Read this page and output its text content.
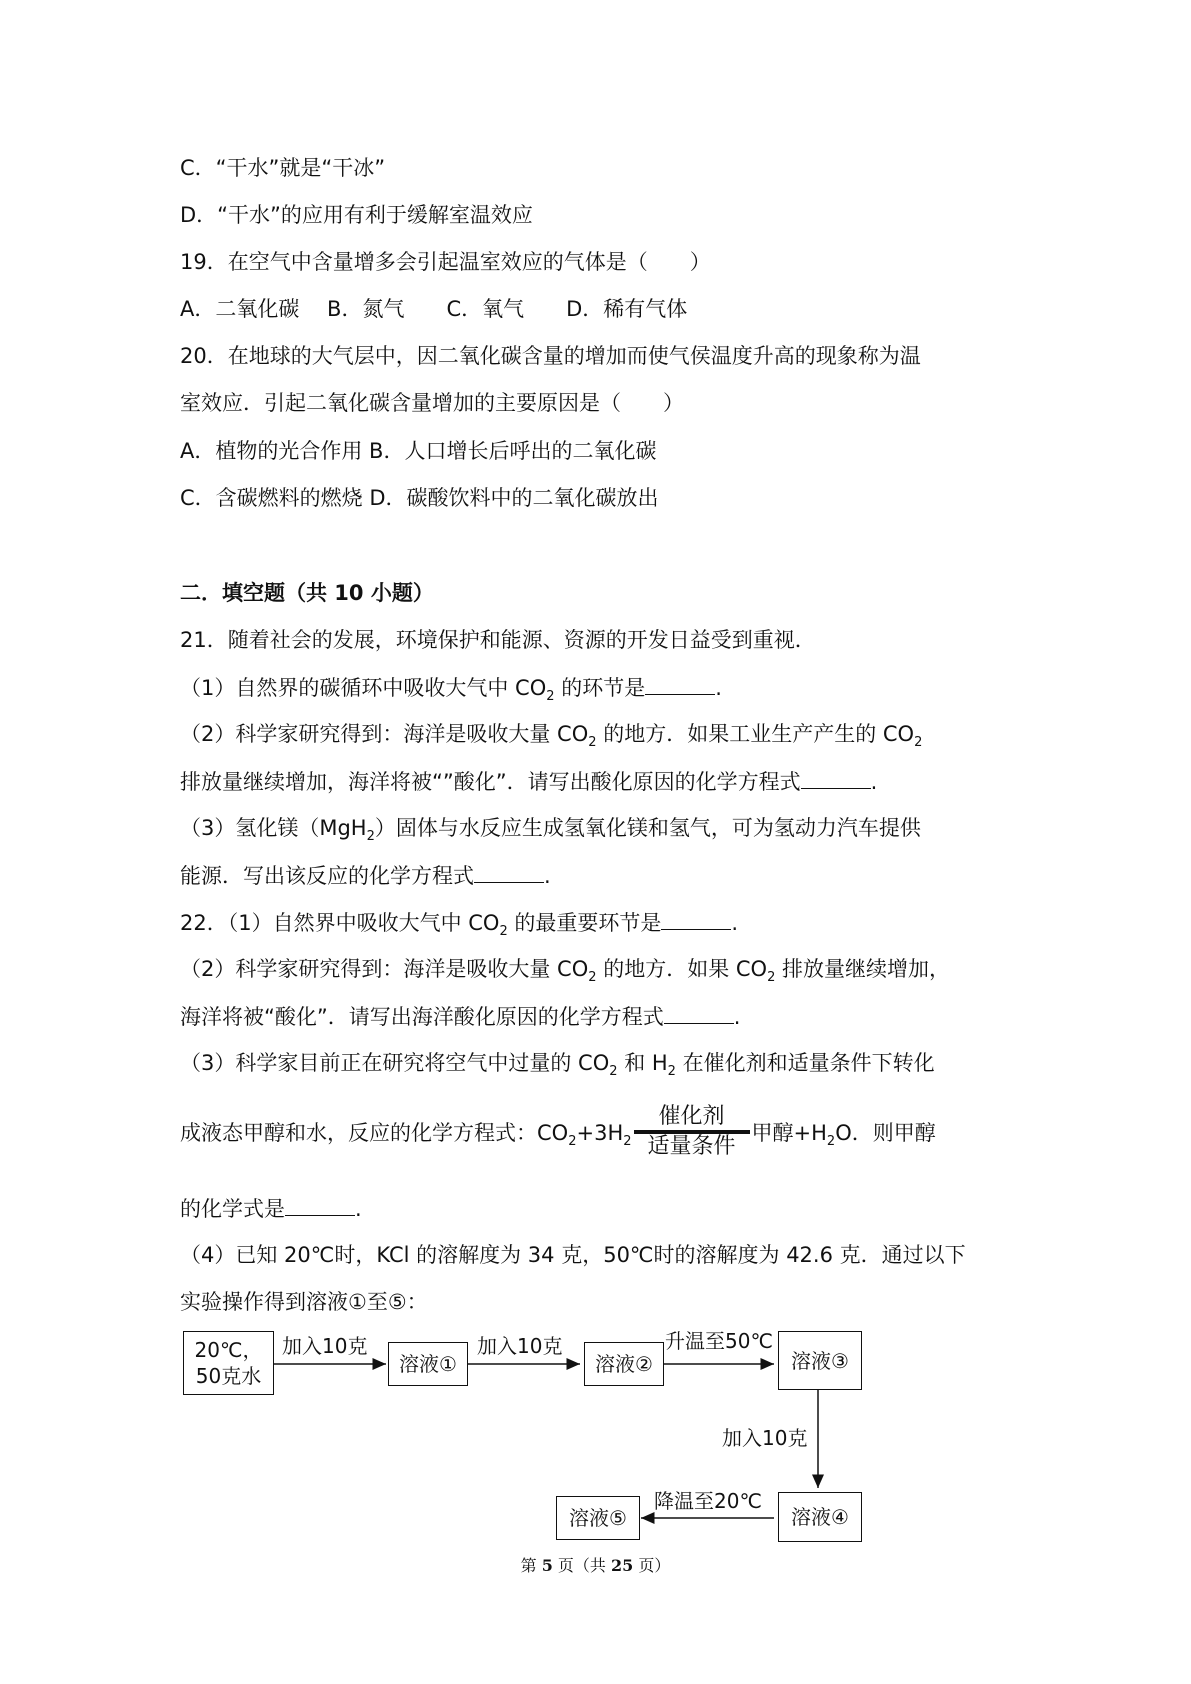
C．“干水”就是“干冰”
D．“干水”的应用有利于缓解室温效应
19．在空气中含量增多会引起温室效应的气体是（　　）
A．二氧化碳　 B．氮气　　C．氧气　　D．稀有气体
20．在地球的大气层中，因二氧化碳含量的增加而使气侯温度升高的现象称为温
室效应．引起二氧化碳含量增加的主要原因是（　　）
A．植物的光合作用 B．人口增长后呼出的二氧化碳
C．含碳燃料的燃烧 D．碳酸饮料中的二氧化碳放出
二．填空题（共 10 小题）
21．随着社会的发展，环境保护和能源、资源的开发日益受到重视．
（1）自然界的碳循环中吸收大气中 $CO_2$ 的环节是	.
（2）科学家研究得到：海洋是吸收大量 $CO_2$ 的地方．如果工业生产产生的 $CO_2$
排放量继续增加，海洋将被“”酸化”．请写出酸化原因的化学方程式	.
（3）氢化镁（MgH$_2$）固体与水反应生成氢氧化镁和氢气，可为氢动力汽车提供
能源．写出该反应的化学方程式	.
22．（1）自然界中吸收大气中 $CO_2$ 的最重要环节是	.
（2）科学家研究得到：海洋是吸收大量 $CO_2$ 的地方．如果 $CO_2$ 排放量继续增加，
海洋将被“酸化”．请写出海洋酸化原因的化学方程式	.
（3）科学家目前正在研究将空气中过量的 $CO_2$ 和 $H_2$ 在催化剂和适量条件下转化
成液态甲醇和水，反应的化学方程式：$CO_2+3H_2 \frac{\text{催化剂}}{\text{适量条件}}$ 甲醇$+H_2O$．则甲醇
的化学式是	.
（4）已知 20℃时，KCl 的溶解度为 34 克，50℃时的溶解度为 42.6 克．通过以下
实验操作得到溶液①至⑤：
20℃，
50克水	溶液①	溶液②	溶液③
溶液④
溶液⑤
加入10克	加入10克	升温至50℃
加入10克
降温至20℃
第 5 页（共 25 页）
